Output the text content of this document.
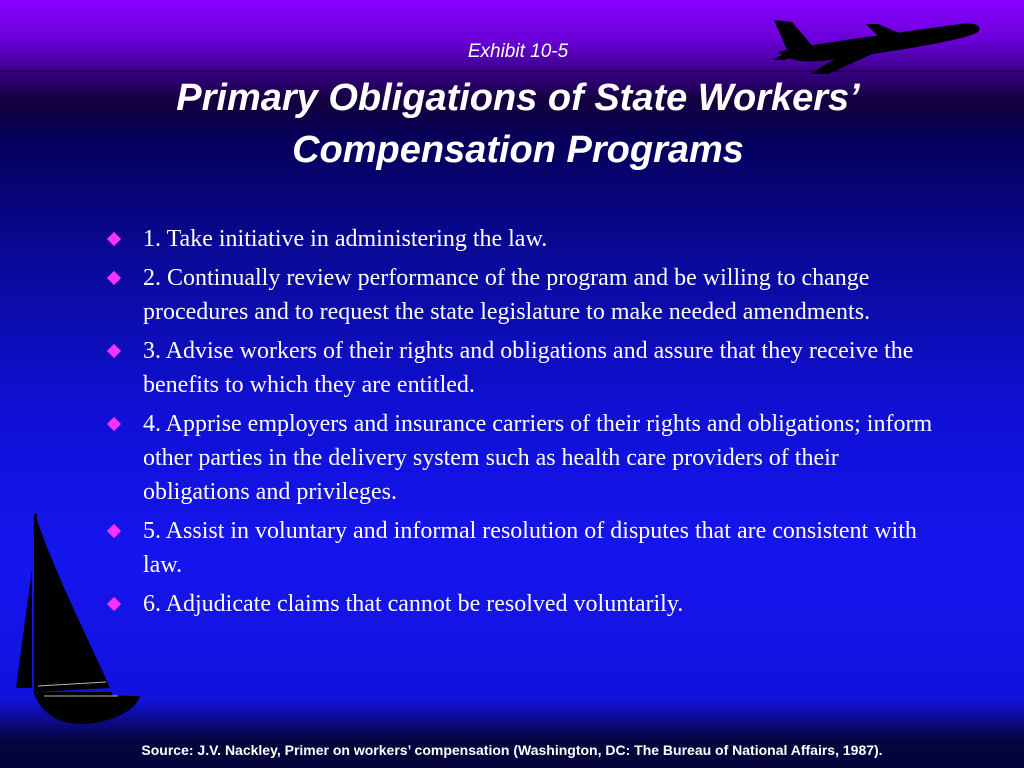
Exhibit 10-5
Primary Obligations of State Workers’
Compensation Programs
1. Take initiative in administering the law.
2. Continually review performance of the program and be willing to change procedures and to request the state legislature to make needed amendments.
3. Advise workers of their rights and obligations and assure that they receive the benefits to which they are entitled.
4. Apprise employers and insurance carriers of their rights and obligations; inform other parties in the delivery system such as health care providers of their obligations and privileges.
5. Assist in voluntary and informal resolution of disputes that are consistent with law.
6. Adjudicate claims that cannot be resolved voluntarily.
Source: J.V. Nackley, Primer on workers’ compensation (Washington, DC: The Bureau of National Affairs, 1987).
